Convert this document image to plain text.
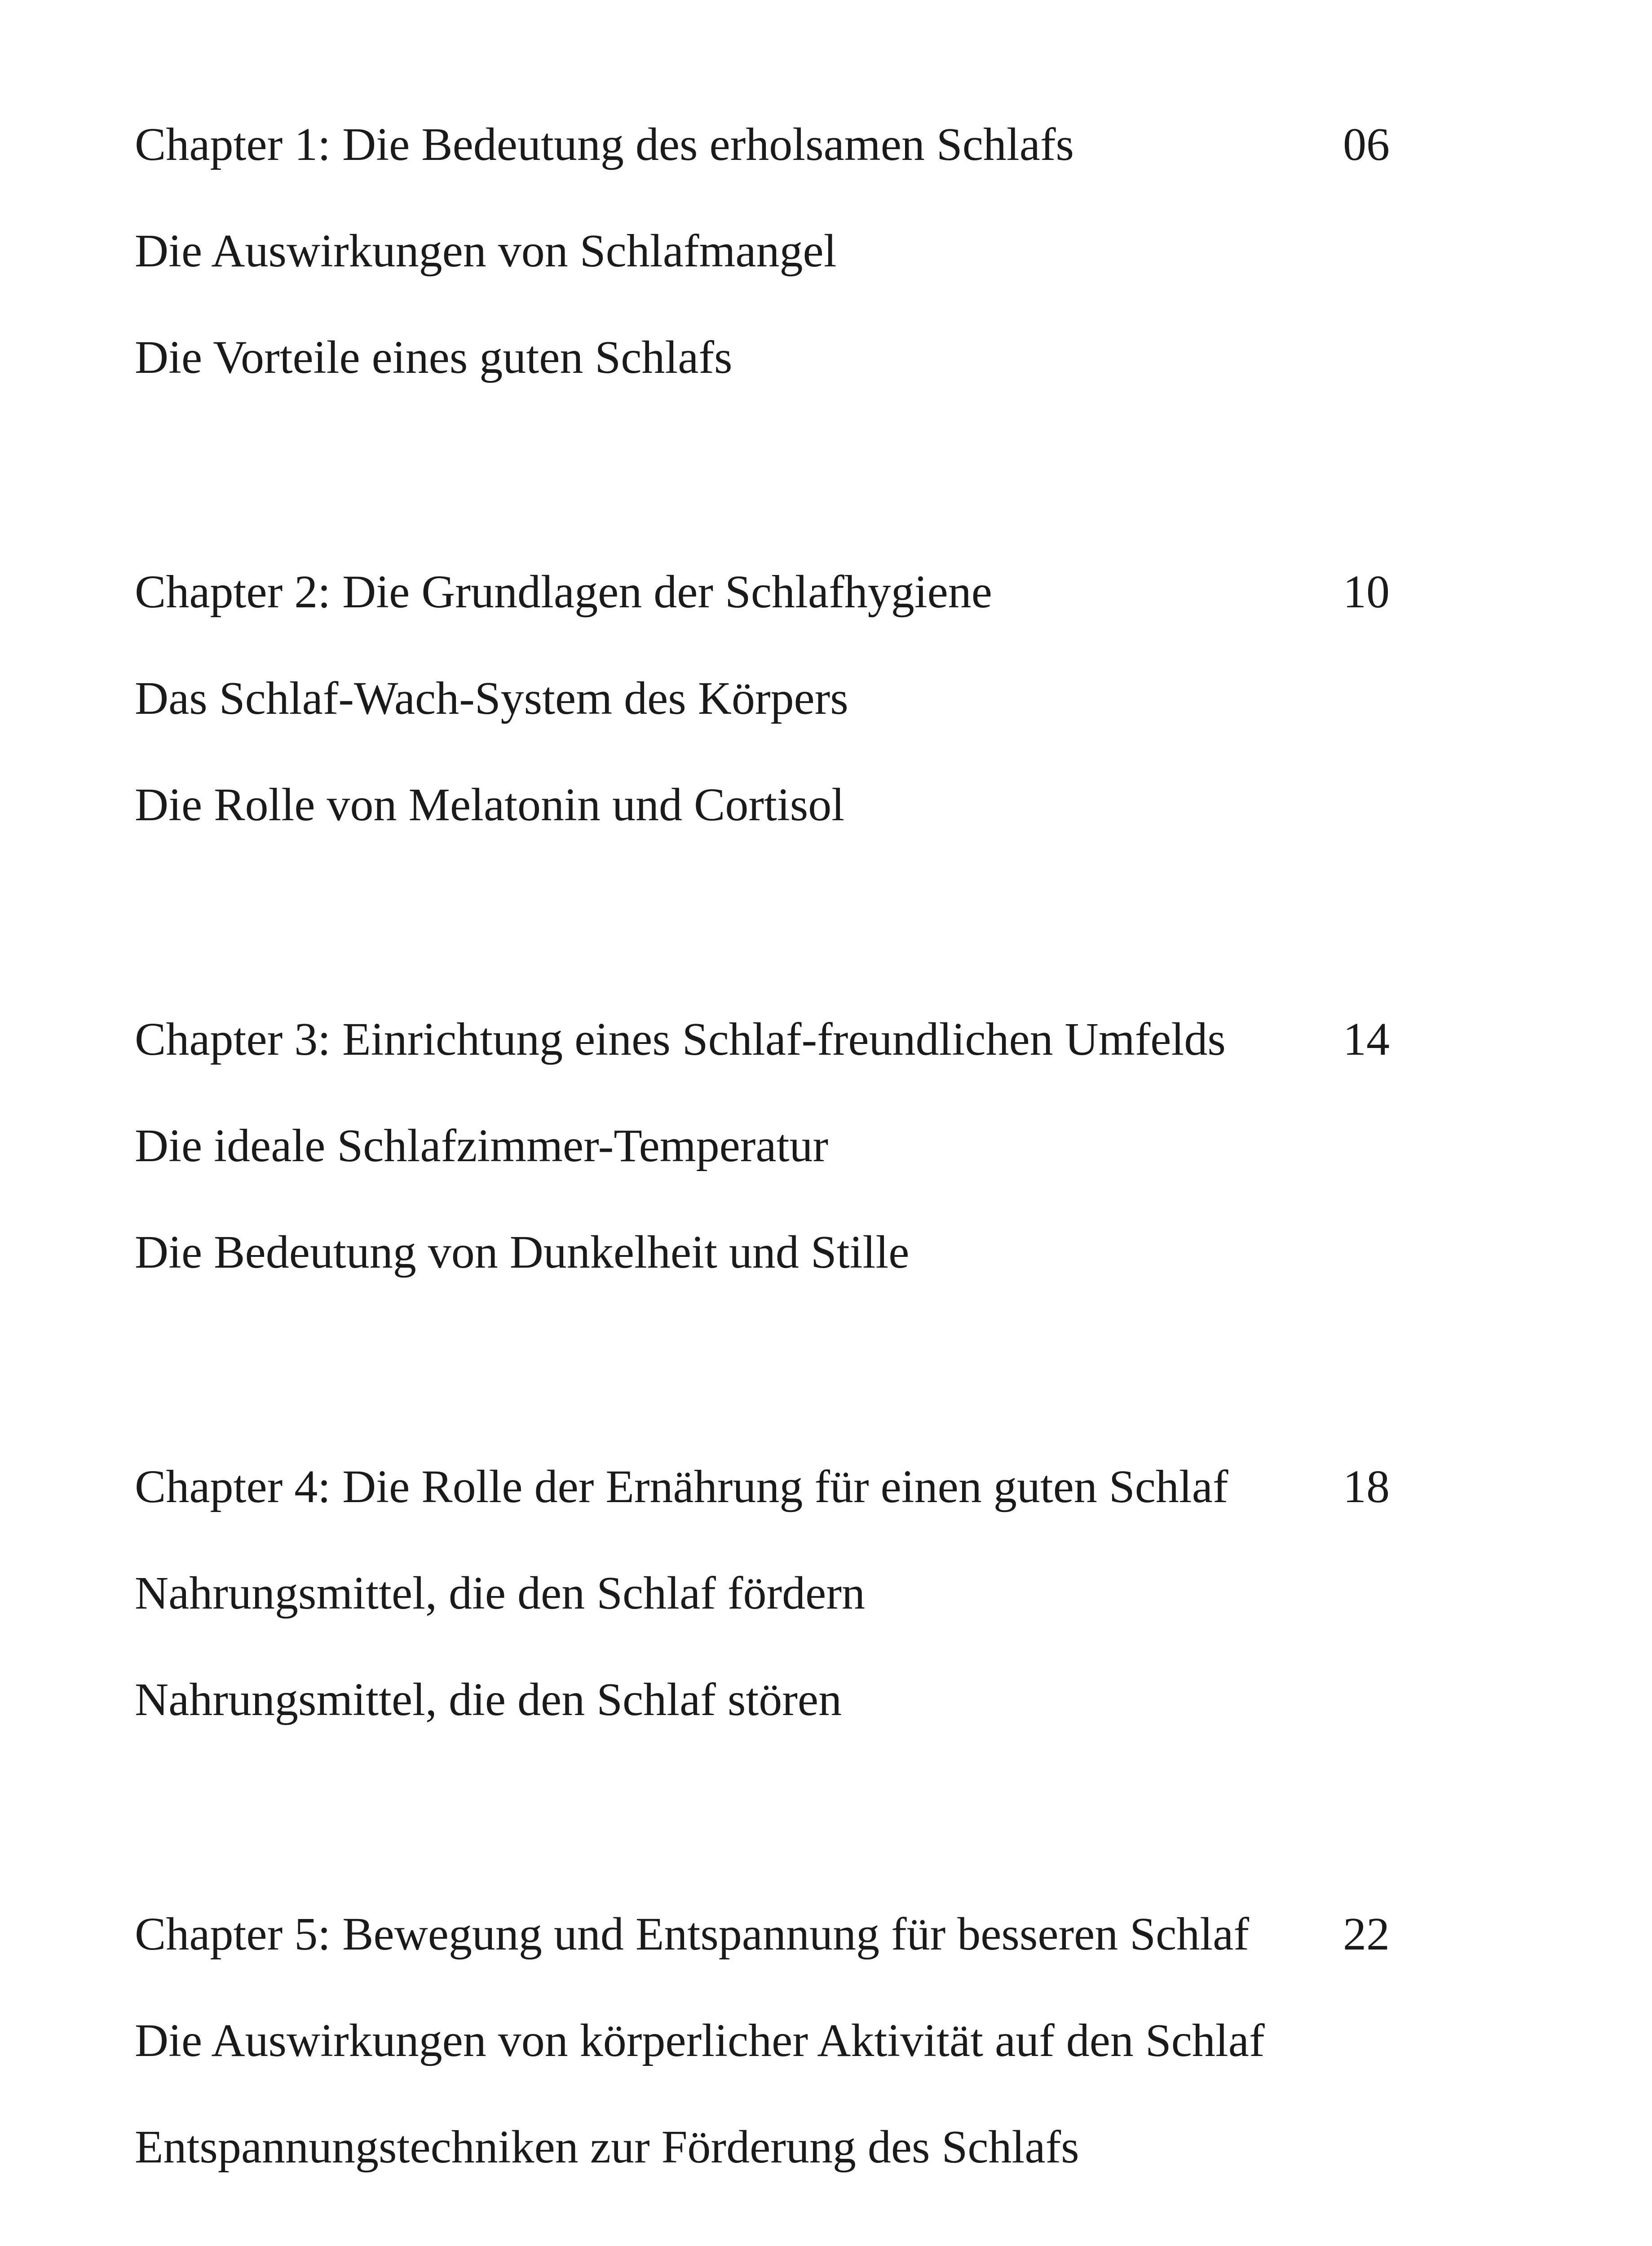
Chapter 1: Die Bedeutung des erholsamen Schlafs	06
Die Auswirkungen von Schlafmangel
Die Vorteile eines guten Schlafs
Chapter 2: Die Grundlagen der Schlafhygiene	10
Das Schlaf-Wach-System des Körpers
Die Rolle von Melatonin und Cortisol
Chapter 3: Einrichtung eines Schlaf-freundlichen Umfelds	14
Die ideale Schlafzimmer-Temperatur
Die Bedeutung von Dunkelheit und Stille
Chapter 4: Die Rolle der Ernährung für einen guten Schlaf 18
Nahrungsmittel, die den Schlaf fördern
Nahrungsmittel, die den Schlaf stören
Chapter 5: Bewegung und Entspannung für besseren Schlaf 22
Die Auswirkungen von körperlicher Aktivität auf den Schlaf
Entspannungstechniken zur Förderung des Schlafs
